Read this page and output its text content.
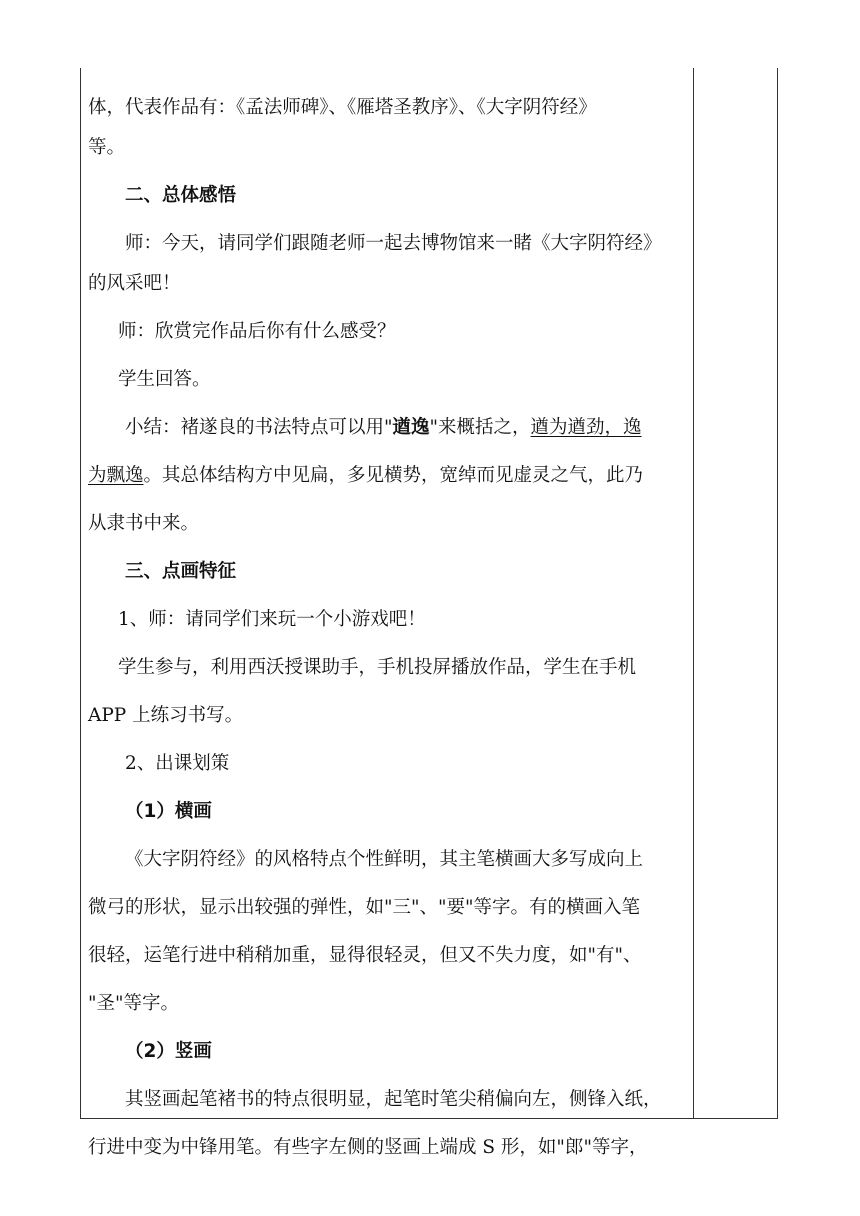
体，代表作品有：《孟法师碑》、《雁塔圣教序》、《大字阴符经》
等。
二、总体感悟
师：今天，请同学们跟随老师一起去博物馆来一睹《大字阴符经》
的风采吧！
师：欣赏完作品后你有什么感受？
学生回答。
小结：褚遂良的书法特点可以用" 遒逸 "来概括之， 遒为遒劲，逸
为飘逸 。其总体结构方中见扁，多见横势，宽绰而见虚灵之气，此乃
从隶书中来。
三、点画特征
1、师：请同学们来玩一个小游戏吧！
学生参与，利用西沃授课助手，手机投屏播放作品，学生在手机
APP 上练习书写。
2、出课划策
（1）横画
《大字阴符经》的风格特点个性鲜明，其主笔横画大多写成向上
微弓的形状，显示出较强的弹性，如"三"、"要"等字。有的横画入笔
很轻，运笔行进中稍稍加重，显得很轻灵，但又不失力度，如"有"、
"圣"等字。
（2）竖画
其竖画起笔褚书的特点很明显，起笔时笔尖稍偏向左，侧锋入纸，
行进中变为中锋用笔。有些字左侧的竖画上端成 S 形，如"郎"等字，
